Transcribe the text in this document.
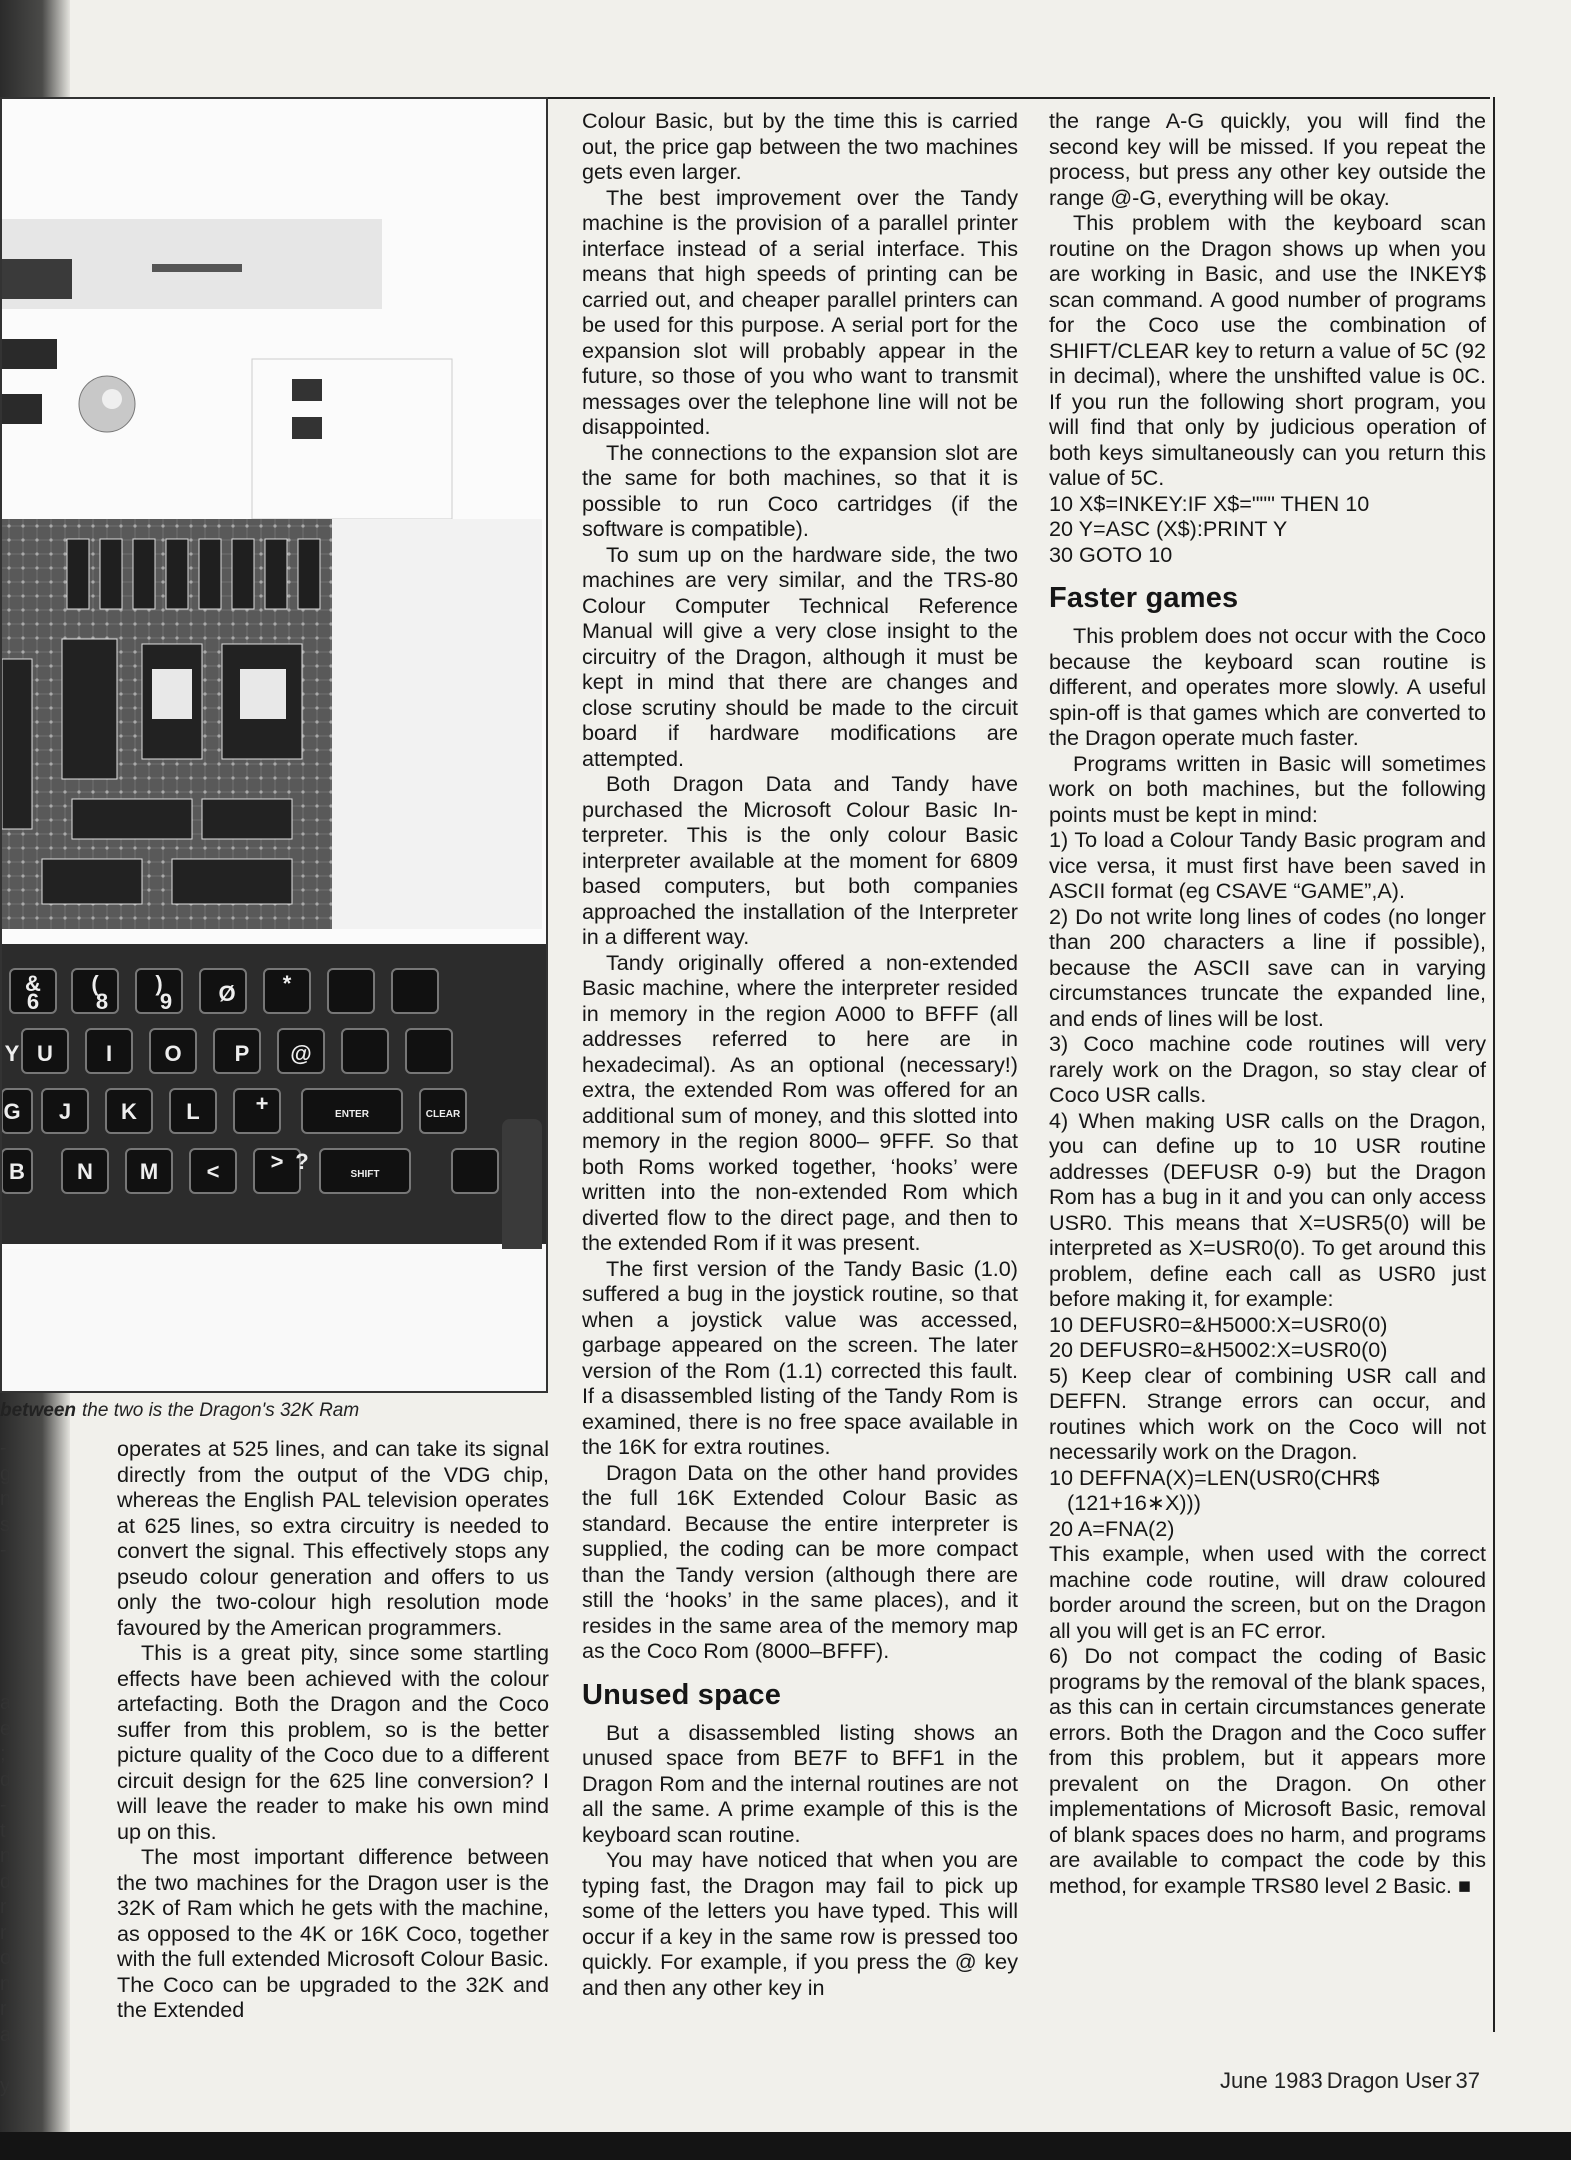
&
6
(
8
)
9 Ø *
Y U I O P @
G J K L	+	ENTER	CLEAR
B N M < > ?
SHIFT
between the two is the Dragon's 32K Ram
-
g
n
s
-
a
e
;
d
-
t
n
d
r
r
o
n
r
a
y

operates at 525 lines, and can take its signal directly from the output of the VDG chip, whereas the English PAL television operates at 625 lines, so extra circuitry is needed to convert the signal. This effectively stops any pseudo colour generation and offers to us only the two-colour high resolution mode favoured by the American programmers.

This is a great pity, since some startling effects have been achieved with the colour artefacting. Both the Dragon and the Coco suffer from this problem, so is the better picture quality of the Coco due to a different circuit design for the 625 line conversion? I will leave the reader to make his own mind up on this.

The most important difference between the two machines for the Dragon user is the 32K of Ram which he gets with the machine, as opposed to the 4K or 16K Coco, together with the full extended Microsoft Colour Basic. The Coco can be upgraded to the 32K and the Extended

Colour Basic, but by the time this is carried out, the price gap between the two machines gets even larger.

The best improvement over the Tandy machine is the provision of a parallel printer interface instead of a serial interface. This means that high speeds of printing can be carried out, and cheaper parallel printers can be used for this purpose. A serial port for the expansion slot will probably appear in the future, so those of you who want to transmit messages over the telephone line will not be disappointed.

The connections to the expansion slot are the same for both machines, so that it is possible to run Coco cartridges (if the software is compatible).

To sum up on the hardware side, the two machines are very similar, and the TRS-80 Colour Computer Technical Reference Manual will give a very close insight to the circuitry of the Dragon, although it must be kept in mind that there are changes and close scrutiny should be made to the circuit board if hardware modifications are attempted.

Both Dragon Data and Tandy have purchased the Microsoft Colour Basic Interpreter. This is the only colour Basic interpreter available at the moment for 6809 based computers, but both companies approached the installation of the Interpreter in a different way.

Tandy originally offered a non-extended Basic machine, where the interpreter resided in memory in the region A000 to BFFF (all addresses referred to here are in hexadecimal). As an optional (necessary!) extra, the extended Rom was offered for an additional sum of money, and this slotted into memory in the region 8000– 9FFF. So that both Roms worked together, ‘hooks’ were written into the non-extended Rom which diverted flow to the direct page, and then to the extended Rom if it was present.

The first version of the Tandy Basic (1.0) suffered a bug in the joystick routine, so that when a joystick value was accessed, garbage appeared on the screen. The later version of the Rom (1.1) corrected this fault. If a disassembled listing of the Tandy Rom is examined, there is no free space available in the 16K for extra routines.

Dragon Data on the other hand provides the full 16K Extended Colour Basic as standard. Because the entire interpreter is supplied, the coding can be more compact than the Tandy version (although there are still the ‘hooks’ in the same places), and it resides in the same area of the memory map as the Coco Rom (8000–BFFF).

Unused space

But a disassembled listing shows an unused space from BE7F to BFF1 in the Dragon Rom and the internal routines are not all the same. A prime example of this is the keyboard scan routine.

You may have noticed that when you are typing fast, the Dragon may fail to pick up some of the letters you have typed. This will occur if a key in the same row is pressed too quickly. For example, if you press the @ key and then any other key in

the range A-G quickly, you will find the second key will be missed. If you repeat the process, but press any other key outside the range @-G, everything will be okay.

This problem with the keyboard scan routine on the Dragon shows up when you are working in Basic, and use the INKEY$ scan command. A good number of programs for the Coco use the combination of SHIFT/CLEAR key to return a value of 5C (92 in decimal), where the unshifted value is 0C. If you run the following short program, you will find that only by judicious operation of both keys simultaneously can you return this value of 5C.

10 X$=INKEY:IF X$=""" THEN 10

20 Y=ASC (X$):PRINT Y

30 GOTO 10

Faster games

This problem does not occur with the Coco because the keyboard scan routine is different, and operates more slowly. A useful spin-off is that games which are converted to the Dragon operate much faster.

Programs written in Basic will sometimes work on both machines, but the following points must be kept in mind:

1) To load a Colour Tandy Basic program and vice versa, it must first have been saved in ASCII format (eg CSAVE “GAME”,A).

2) Do not write long lines of codes (no longer than 200 characters a line if possible), because the ASCII save can in varying circumstances truncate the expanded line, and ends of lines will be lost.

3) Coco machine code routines will very rarely work on the Dragon, so stay clear of Coco USR calls.

4) When making USR calls on the Dragon, you can define up to 10 USR routine addresses (DEFUSR 0-9) but the Dragon Rom has a bug in it and you can only access USR0. This means that X=USR5(0) will be interpreted as X=USR0(0). To get around this problem, define each call as USR0 just before making it, for example:

10 DEFUSR0=&H5000:X=USR0(0)

20 DEFUSR0=&H5002:X=USR0(0)

5) Keep clear of combining USR call and DEFFN. Strange errors can occur, and routines which work on the Coco will not necessarily work on the Dragon.

10 DEFFNA(X)=LEN(USR0(CHR$

(121+16∗X)))

20 A=FNA(2)

This example, when used with the correct machine code routine, will draw coloured border around the screen, but on the Dragon all you will get is an FC error.

6) Do not compact the coding of Basic programs by the removal of the blank spaces, as this can in certain circumstances generate errors. Both the Dragon and the Coco suffer from this problem, but it appears more prevalent on the Dragon. On other implementations of Microsoft Basic, removal of blank spaces does no harm, and programs are available to compact the code by this method, for example TRS80 level 2 Basic. ■

June 1983 Dragon User 37
